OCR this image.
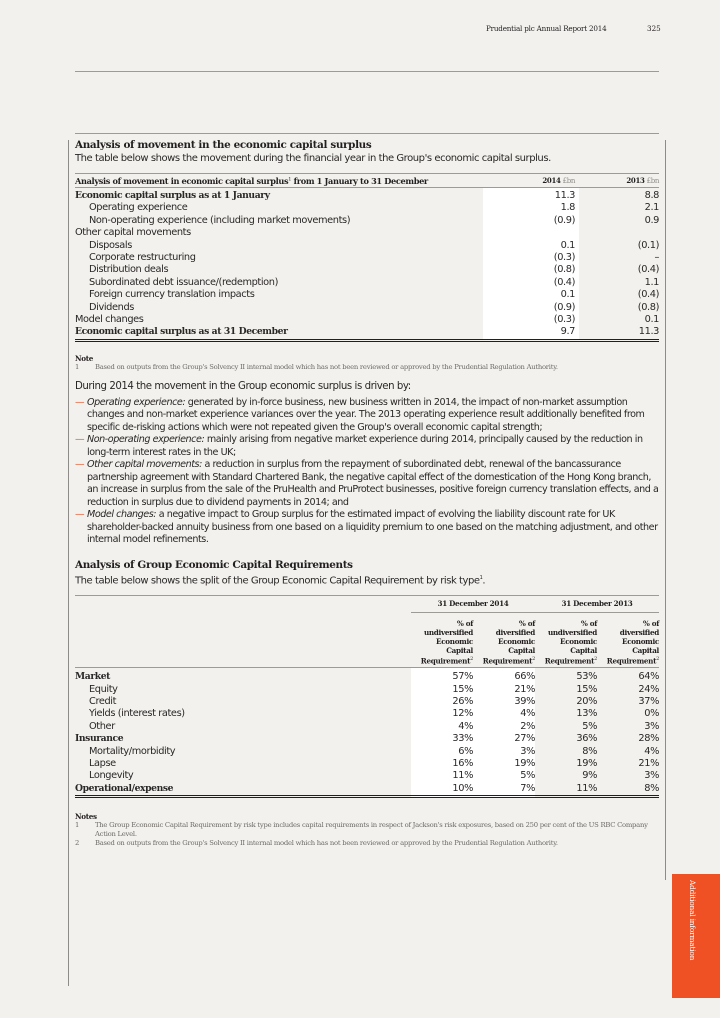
Prudential plc Annual Report 2014	325
Analysis of movement in the economic capital surplus

The table below shows the movement during the financial year in the Group's economic capital surplus.

Analysis of movement in economic capital surplus$^1$ from 1 January to 31 December	2014 £bn	2013 £bn
Economic capital surplus as at 1 January	11.3	8.8
Operating experience	1.8	2.1
Non-operating experience (including market movements)	(0.9)	0.9
Other capital movements		
Disposals	0.1	(0.1)
Corporate restructuring	(0.3)	–
Distribution deals	(0.8)	(0.4)
Subordinated debt issuance/(redemption)	(0.4)	1.1
Foreign currency translation impacts	0.1	(0.4)
Dividends	(0.9)	(0.8)
Model changes	(0.3)	0.1
Economic capital surplus as at 31 December	9.7	11.3
Note
1	Based on outputs from the Group's Solvency II internal model which has not been reviewed or approved by the Prudential Regulation Authority.

During 2014 the movement in the Group economic surplus is driven by:

— Operating experience: generated by in-force business, new business written in 2014, the impact of non-market assumption changes and non-market experience variances over the year. The 2013 operating experience result additionally benefited from specific de-risking actions which were not repeated given the Group's overall economic capital strength;
— Non-operating experience: mainly arising from negative market experience during 2014, principally caused by the reduction in long-term interest rates in the UK;
— Other capital movements: a reduction in surplus from the repayment of subordinated debt, renewal of the bancassurance partnership agreement with Standard Chartered Bank, the negative capital effect of the domestication of the Hong Kong branch, an increase in surplus from the sale of the PruHealth and PruProtect businesses, positive foreign currency translation effects, and a reduction in surplus due to dividend payments in 2014; and
— Model changes: a negative impact to Group surplus for the estimated impact of evolving the liability discount rate for UK shareholder-backed annuity business from one based on a liquidity premium to one based on the matching adjustment, and other internal model refinements.
Analysis of Group Economic Capital Requirements

The table below shows the split of the Group Economic Capital Requirement by risk type$^1$.

	31 December 2014		31 December 2013	
	% of
undiversified
Economic
Capital
Requirement$^2$	% of
diversified
Economic
Capital
Requirement$^2$	% of
undiversified
Economic
Capital
Requirement$^2$	% of
diversified
Economic
Capital
Requirement$^2$
Market	57%	66%	53%	64%
Equity	15%	21%	15%	24%
Credit	26%	39%	20%	37%
Yields (interest rates)	12%	4%	13%	0%
Other	4%	2%	5%	3%
Insurance	33%	27%	36%	28%
Mortality/morbidity	6%	3%	8%	4%
Lapse	16%	19%	19%	21%
Longevity	11%	5%	9%	3%
Operational/expense	10%	7%	11%	8%
Notes
1	The Group Economic Capital Requirement by risk type includes capital requirements in respect of Jackson's risk exposures, based on 250 per cent of the US RBC Company Action Level.
2	Based on outputs from the Group's Solvency II internal model which has not been reviewed or approved by the Prudential Regulation Authority.
Additional information
